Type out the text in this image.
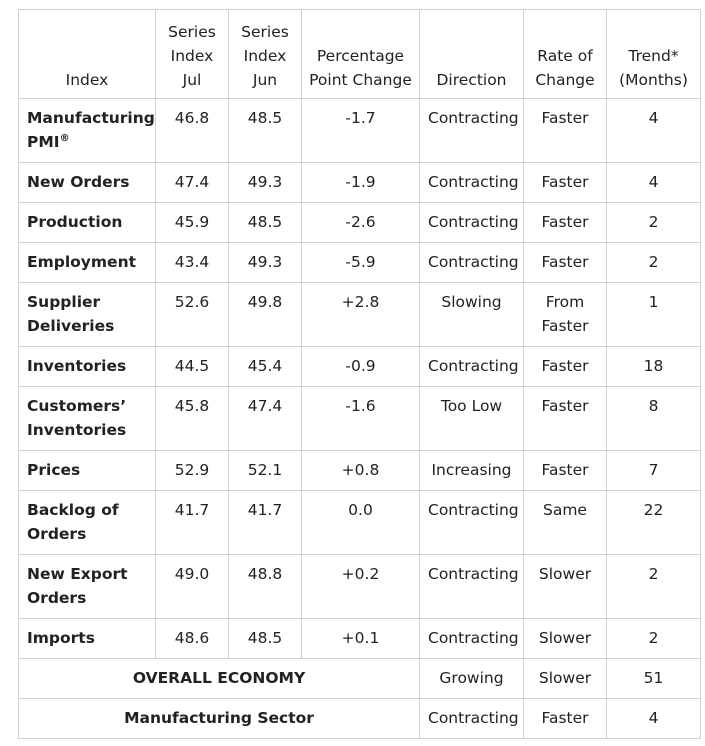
Index	Series Index Jul	Series Index Jun	Percentage Point Change	Direction	Rate of Change	Trend* (Months)
Manufacturing PMI®	46.8	48.5	-1.7	Contracting	Faster	4
New Orders	47.4	49.3	-1.9	Contracting	Faster	4
Production	45.9	48.5	-2.6	Contracting	Faster	2
Employment	43.4	49.3	-5.9	Contracting	Faster	2
Supplier Deliveries	52.6	49.8	+2.8	Slowing	From Faster	1
Inventories	44.5	45.4	-0.9	Contracting	Faster	18
Customers’ Inventories	45.8	47.4	-1.6	Too Low	Faster	8
Prices	52.9	52.1	+0.8	Increasing	Faster	7
Backlog of Orders	41.7	41.7	0.0	Contracting	Same	22
New Export Orders	49.0	48.8	+0.2	Contracting	Slower	2
Imports	48.6	48.5	+0.1	Contracting	Slower	2
OVERALL ECONOMY				Growing	Slower	51
Manufacturing Sector				Contracting	Faster	4
